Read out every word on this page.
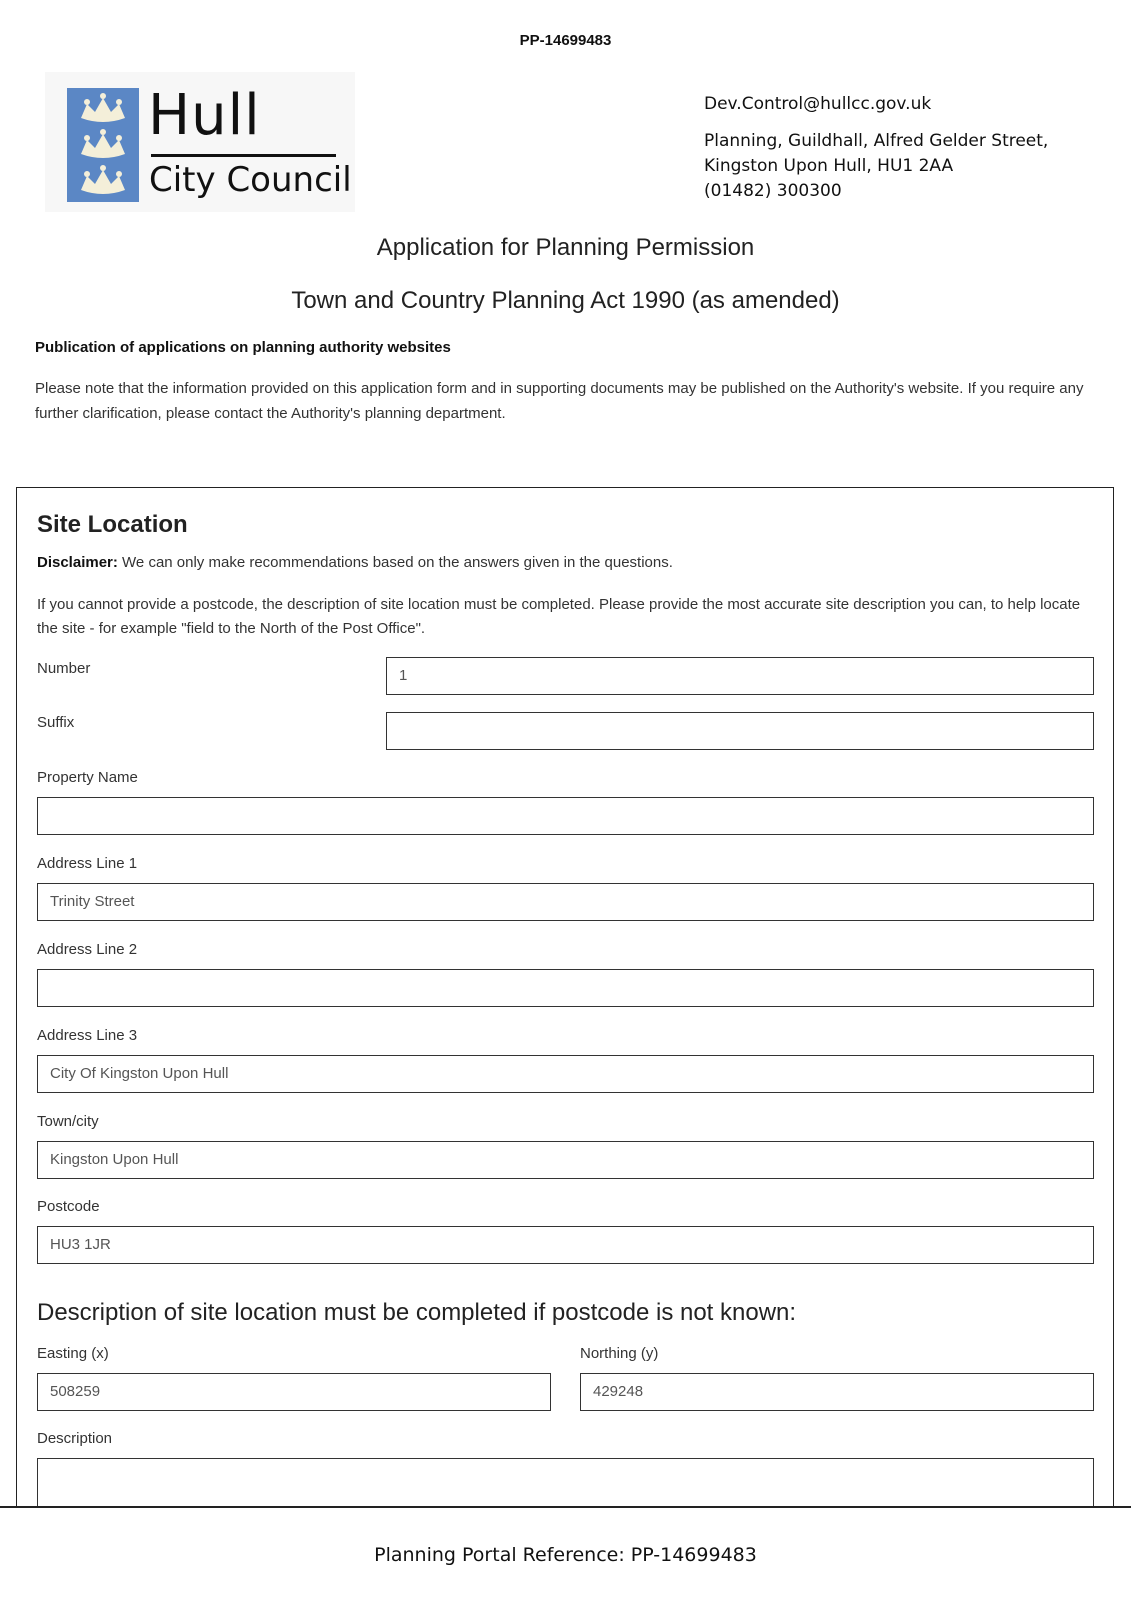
PP-14699483
Hull
City Council
Dev.Control@hullcc.gov.uk
Planning, Guildhall, Alfred Gelder Street,
Kingston Upon Hull, HU1 2AA
(01482) 300300
Application for Planning Permission
Town and Country Planning Act 1990 (as amended)
Publication of applications on planning authority websites
Please note that the information provided on this application form and in supporting documents may be published on the Authority's website. If you require any further clarification, please contact the Authority's planning department.
Site Location
Disclaimer: We can only make recommendations based on the answers given in the questions.
If you cannot provide a postcode, the description of site location must be completed. Please provide the most accurate site description you can, to help locate the site - for example "field to the North of the Post Office".
Number	1
Suffix
Property Name
Address Line 1
Trinity Street
Address Line 2
Address Line 3
City Of Kingston Upon Hull
Town/city
Kingston Upon Hull
Postcode
HU3 1JR
Description of site location must be completed if postcode is not known:
Easting (x)
508259
Northing (y)
429248
Description
Planning Portal Reference: PP-14699483
